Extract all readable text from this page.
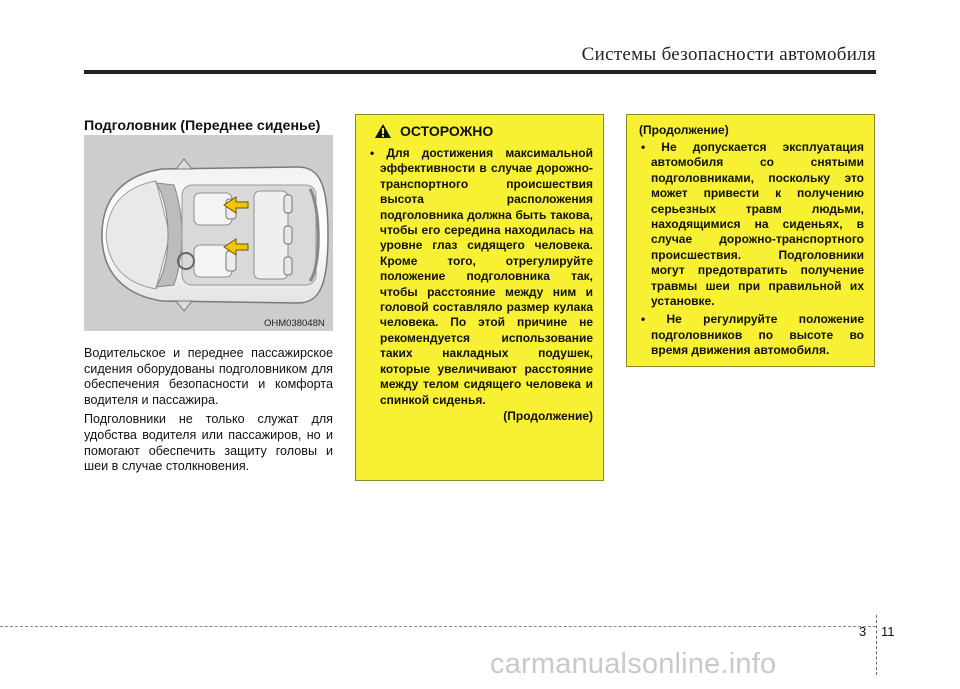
Системы безопасности автомобиля
Подголовник (Переднее сиденье)
OHM038048N

Водительское и переднее пассажирское сидения оборудованы подголовником для обеспечения безопасности и комфорта водителя и пассажира.

Подголовники не только служат для удобства водителя или пассажиров, но и помогают обеспечить защиту головы и шеи в случае столкновения.

ОСТОРОЖНО
• Для достижения максимальной эффективности в случае дорожно-транспортного происшествия высота расположения подголовника должна быть такова, чтобы его середина находилась на уровне глаз сидящего человека. Кроме того, отрегулируйте положение подголовника так, чтобы расстояние между ним и головой составляло размер кулака человека. По этой причине не рекомендуется использование таких накладных подушек, которые увеличивают расстояние между телом сидящего человека и спинкой сиденья.
(Продолжение)
(Продолжение)
• Не допускается эксплуатация автомобиля со снятыми подголовниками, поскольку это может привести к получению серьезных травм людьми, находящимися на сиденьях, в случае дорожно-транспортного происшествия. Подголовники могут предотвратить получение травмы шеи при правильной их установке.
• Не регулируйте положение подголовников по высоте во время движения автомобиля.
3 11
carmanualsonline.info
